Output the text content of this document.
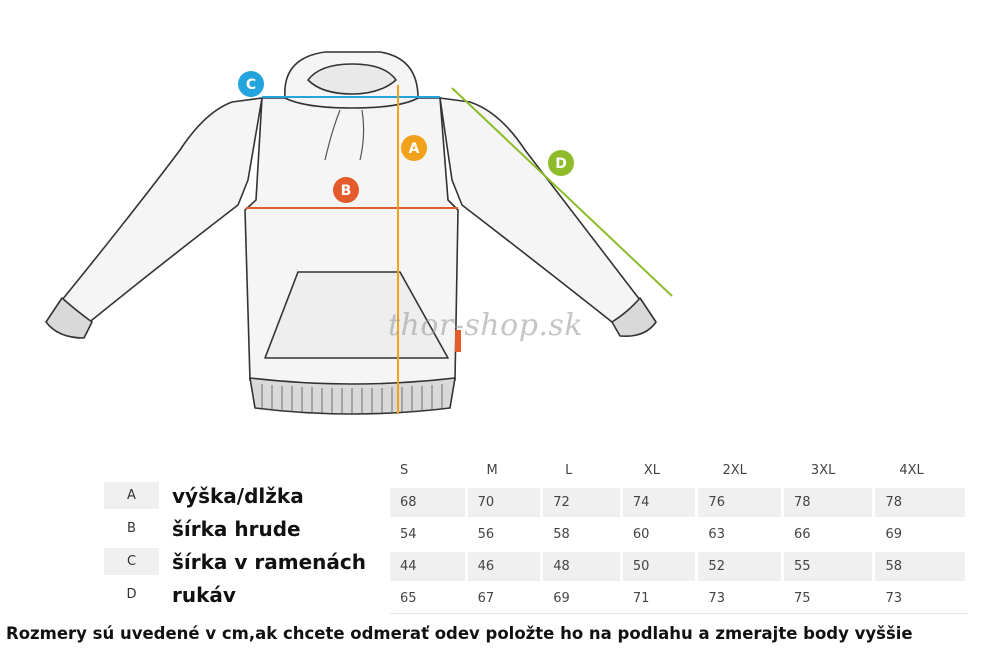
C
A
B
D
thor-shop.sk
A	výška/dlžka
B	šírka hrude
C	šírka v ramenách
D	rukáv
S	M	L	XL	2XL	3XL	4XL
68	70	72	74	76	78	78
54	56	58	60	63	66	69
44	46	48	50	52	55	58
65	67	69	71	73	75	73
Rozmery sú uvedené v cm,ak chcete odmerať odev položte ho na podlahu a zmerajte body vyššie
